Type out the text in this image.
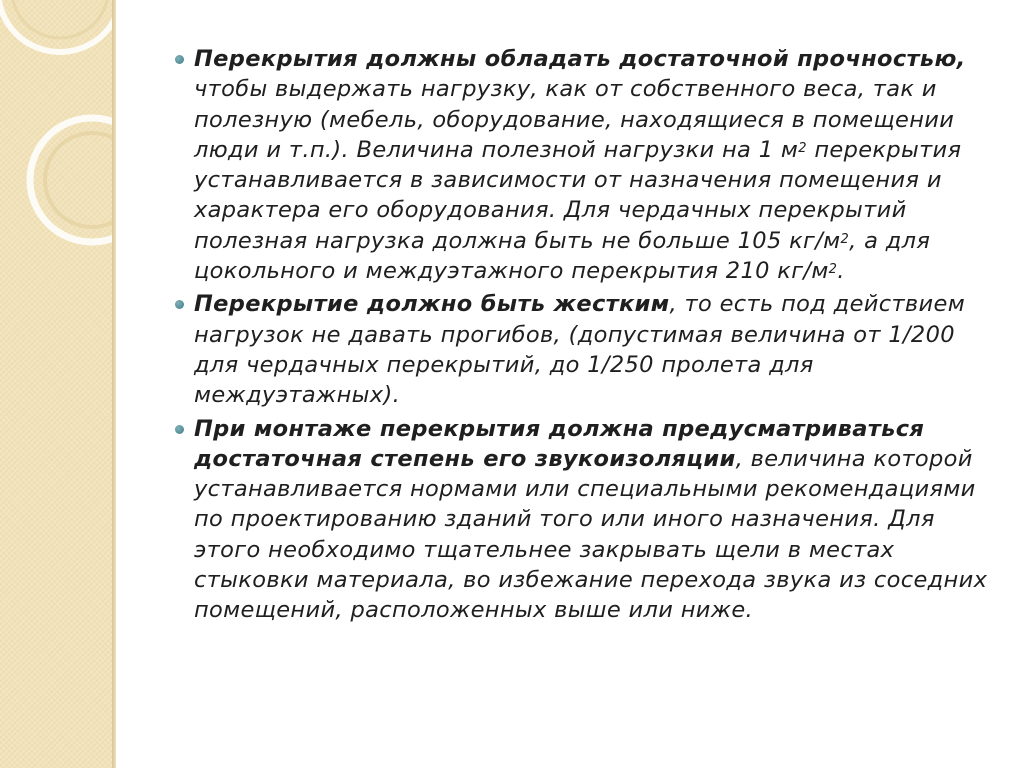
Перекрытия должны обладать достаточной прочностью, чтобы выдержать нагрузку, как от собственного веса, так и полезную (мебель, оборудование, находящиеся в помещении люди и т.п.). Величина полезной нагрузки на 1 $м^2$ перекрытия устанавливается в зависимости от назначения помещения и характера его оборудования. Для чердачных перекрытий полезная нагрузка должна быть не больше 105 $кг/м^2$, а для цокольного и междуэтажного перекрытия 210 $кг/м^2$.
Перекрытие должно быть жестким, то есть под действием нагрузок не давать прогибов, (допустимая величина от 1/200 для чердачных перекрытий, до 1/250 пролета для междуэтажных).
При монтаже перекрытия должна предусматриваться достаточная степень его звукоизоляции, величина которой устанавливается нормами или специальными рекомендациями по проектированию зданий того или иного назначения. Для этого необходимо тщательнее закрывать щели в местах стыковки материала, во избежание перехода звука из соседних помещений, расположенных выше или ниже.
